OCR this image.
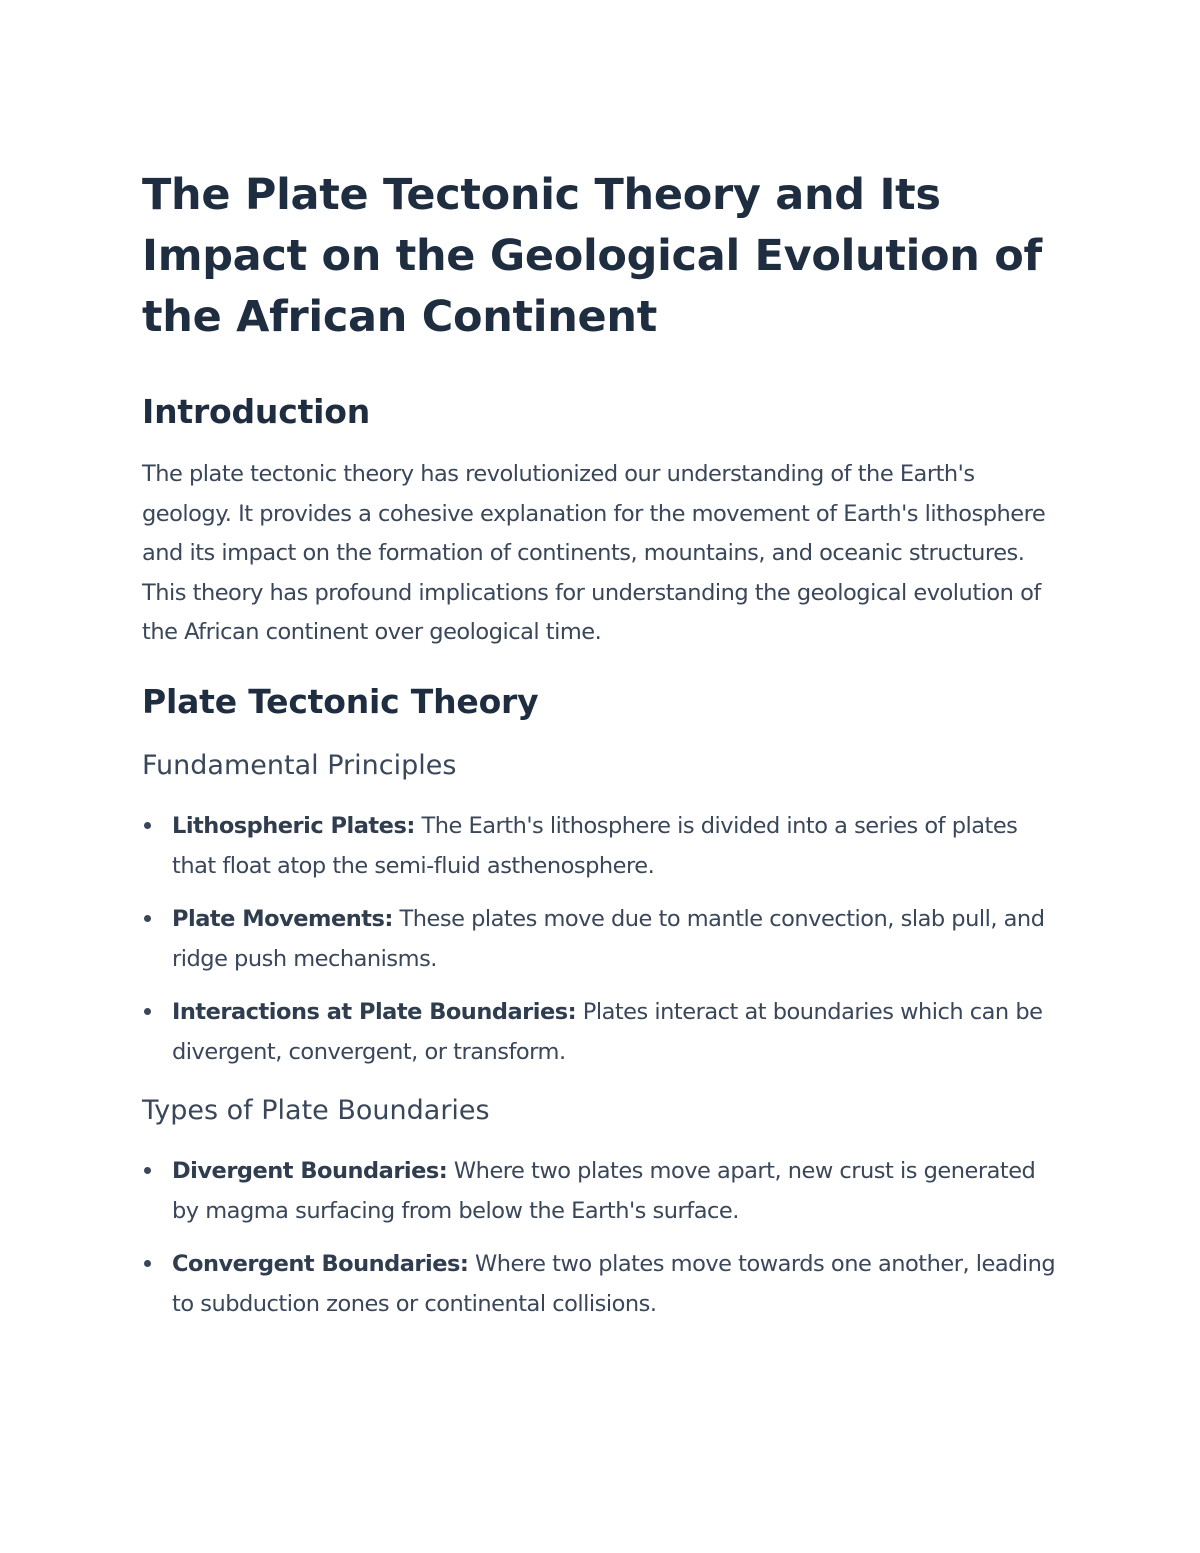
The Plate Tectonic Theory and Its Impact on the Geological Evolution of the African Continent
Introduction

The plate tectonic theory has revolutionized our understanding of the Earth's geology. It provides a cohesive explanation for the movement of Earth's lithosphere and its impact on the formation of continents, mountains, and oceanic structures. This theory has profound implications for understanding the geological evolution of the African continent over geological time.

Plate Tectonic Theory
Fundamental Principles
Lithospheric Plates: The Earth's lithosphere is divided into a series of plates that float atop the semi-fluid asthenosphere.
Plate Movements: These plates move due to mantle convection, slab pull, and ridge push mechanisms.
Interactions at Plate Boundaries: Plates interact at boundaries which can be divergent, convergent, or transform.
Types of Plate Boundaries
Divergent Boundaries: Where two plates move apart, new crust is generated by magma surfacing from below the Earth's surface.
Convergent Boundaries: Where two plates move towards one another, leading to subduction zones or continental collisions.
